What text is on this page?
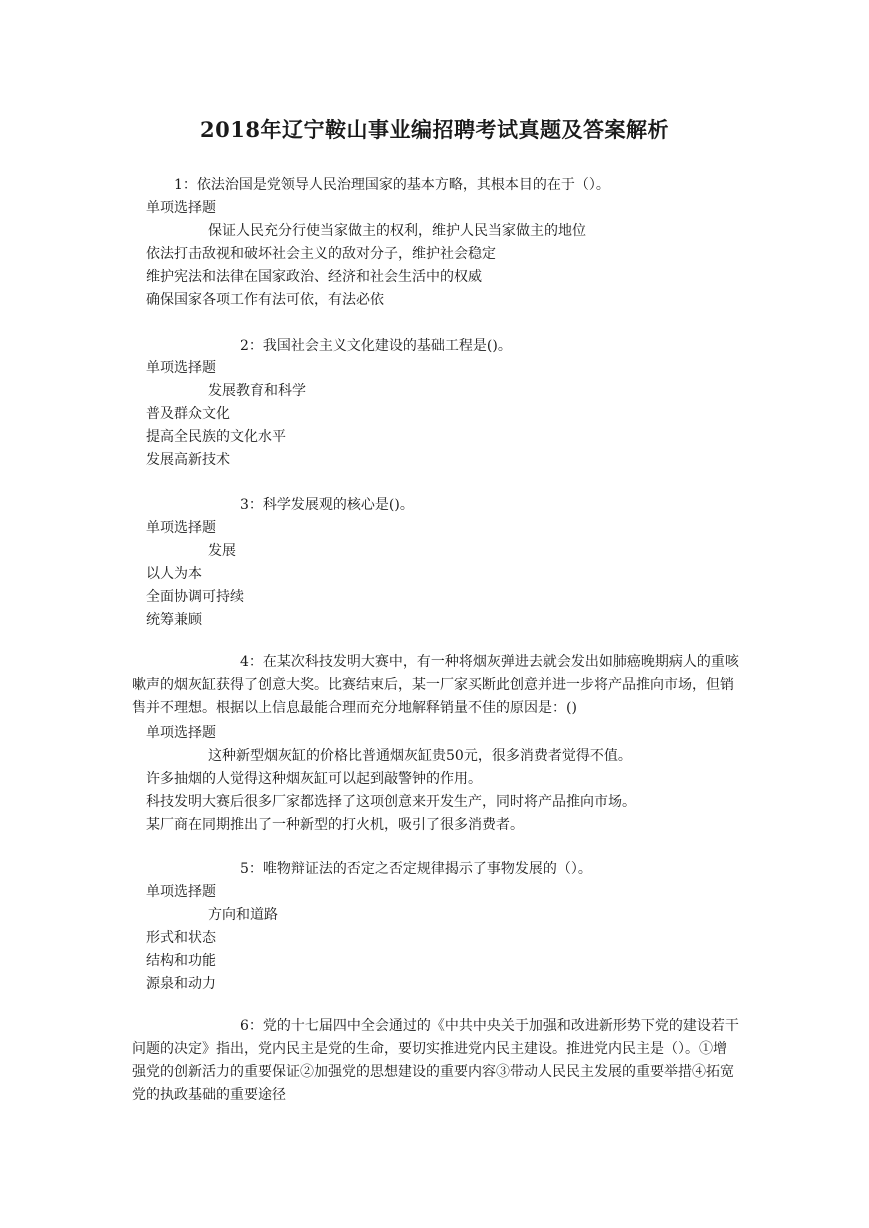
2018年辽宁鞍山事业编招聘考试真题及答案解析
1：依法治国是党领导人民治理国家的基本方略，其根本目的在于（）。
单项选择题
保证人民充分行使当家做主的权利，维护人民当家做主的地位
依法打击敌视和破坏社会主义的敌对分子，维护社会稳定
维护宪法和法律在国家政治、经济和社会生活中的权威
确保国家各项工作有法可依，有法必依
2：我国社会主义文化建设的基础工程是()。
单项选择题
发展教育和科学
普及群众文化
提高全民族的文化水平
发展高新技术
3：科学发展观的核心是()。
单项选择题
发展
以人为本
全面协调可持续
统筹兼顾
4：在某次科技发明大赛中，有一种将烟灰弹进去就会发出如肺癌晚期病人的重咳嗽声的烟灰缸获得了创意大奖。比赛结束后，某一厂家买断此创意并进一步将产品推向市场，但销售并不理想。根据以上信息最能合理而充分地解释销量不佳的原因是：()
单项选择题
这种新型烟灰缸的价格比普通烟灰缸贵50元，很多消费者觉得不值。
许多抽烟的人觉得这种烟灰缸可以起到敲警钟的作用。
科技发明大赛后很多厂家都选择了这项创意来开发生产，同时将产品推向市场。
某厂商在同期推出了一种新型的打火机，吸引了很多消费者。
5：唯物辩证法的否定之否定规律揭示了事物发展的（）。
单项选择题
方向和道路
形式和状态
结构和功能
源泉和动力
6：党的十七届四中全会通过的《中共中央关于加强和改进新形势下党的建设若干问题的决定》指出，党内民主是党的生命，要切实推进党内民主建设。推进党内民主是（）。①增强党的创新活力的重要保证②加强党的思想建设的重要内容③带动人民民主发展的重要举措④拓宽党的执政基础的重要途径
